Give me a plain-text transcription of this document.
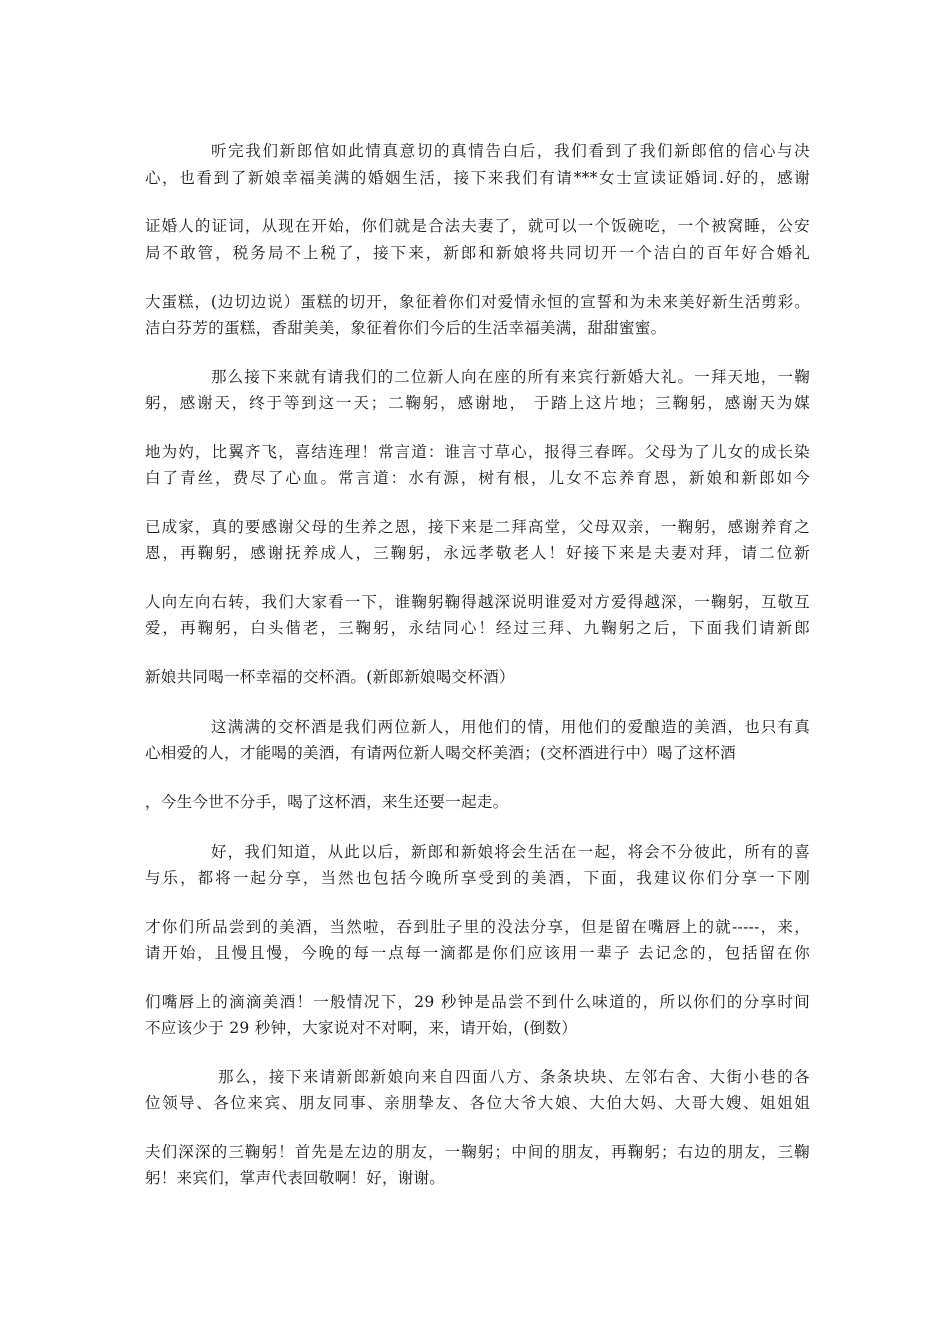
听完我们新郎倌如此情真意切的真情告白后，我们看到了我们新郎倌的信心与决
心，也看到了新娘幸福美满的婚姻生活，接下来我们有请***女士宣读证婚词.好的，感谢
证婚人的证词，从现在开始，你们就是合法夫妻了，就可以一个饭碗吃，一个被窝睡，公安
局不敢管，税务局不上税了，接下来，新郎和新娘将共同切开一个洁白的百年好合婚礼
大蛋糕，(边切边说）蛋糕的切开，象征着你们对爱情永恒的宣誓和为未来美好新生活剪彩。
洁白芬芳的蛋糕，香甜美美，象征着你们今后的生活幸福美满，甜甜蜜蜜。
那么接下来就有请我们的二位新人向在座的所有来宾行新婚大礼。一拜天地，一鞠
躬，感谢天，终于等到这一天；二鞠躬，感谢地， 于踏上这片地；三鞠躬，感谢天为媒
地为妁，比翼齐飞，喜结连理！常言道：谁言寸草心，报得三春晖。父母为了儿女的成长染
白了青丝，费尽了心血。常言道：水有源，树有根，儿女不忘养育恩，新娘和新郎如今
已成家，真的要感谢父母的生养之恩，接下来是二拜高堂，父母双亲，一鞠躬，感谢养育之
恩，再鞠躬，感谢抚养成人，三鞠躬，永远孝敬老人！好接下来是夫妻对拜，请二位新
人向左向右转，我们大家看一下，谁鞠躬鞠得越深说明谁爱对方爱得越深，一鞠躬，互敬互
爱，再鞠躬，白头偕老，三鞠躬，永结同心！经过三拜、九鞠躬之后，下面我们请新郎
新娘共同喝一杯幸福的交杯酒。(新郎新娘喝交杯酒）
这满满的交杯酒是我们两位新人，用他们的情，用他们的爱酿造的美酒，也只有真
心相爱的人，才能喝的美酒，有请两位新人喝交杯美酒；(交杯酒进行中）喝了这杯酒
，今生今世不分手，喝了这杯酒，来生还要一起走。
好，我们知道，从此以后，新郎和新娘将会生活在一起，将会不分彼此，所有的喜
与乐，都将一起分享，当然也包括今晚所享受到的美酒，下面，我建议你们分享一下刚
才你们所品尝到的美酒，当然啦，吞到肚子里的没法分享，但是留在嘴唇上的就-----，来，
请开始，且慢且慢，今晚的每一点每一滴都是你们应该用一辈子 去记念的，包括留在你
们嘴唇上的滴滴美酒！一般情况下，29 秒钟是品尝不到什么味道的，所以你们的分享时间
不应该少于 29 秒钟，大家说对不对啊，来，请开始，(倒数）
那么，接下来请新郎新娘向来自四面八方、条条块块、左邻右舍、大街小巷的各
位领导、各位来宾、朋友同事、亲朋挚友、各位大爷大娘、大伯大妈、大哥大嫂、姐姐姐
夫们深深的三鞠躬！首先是左边的朋友，一鞠躬；中间的朋友，再鞠躬；右边的朋友，三鞠
躬！来宾们，掌声代表回敬啊！好，谢谢。
